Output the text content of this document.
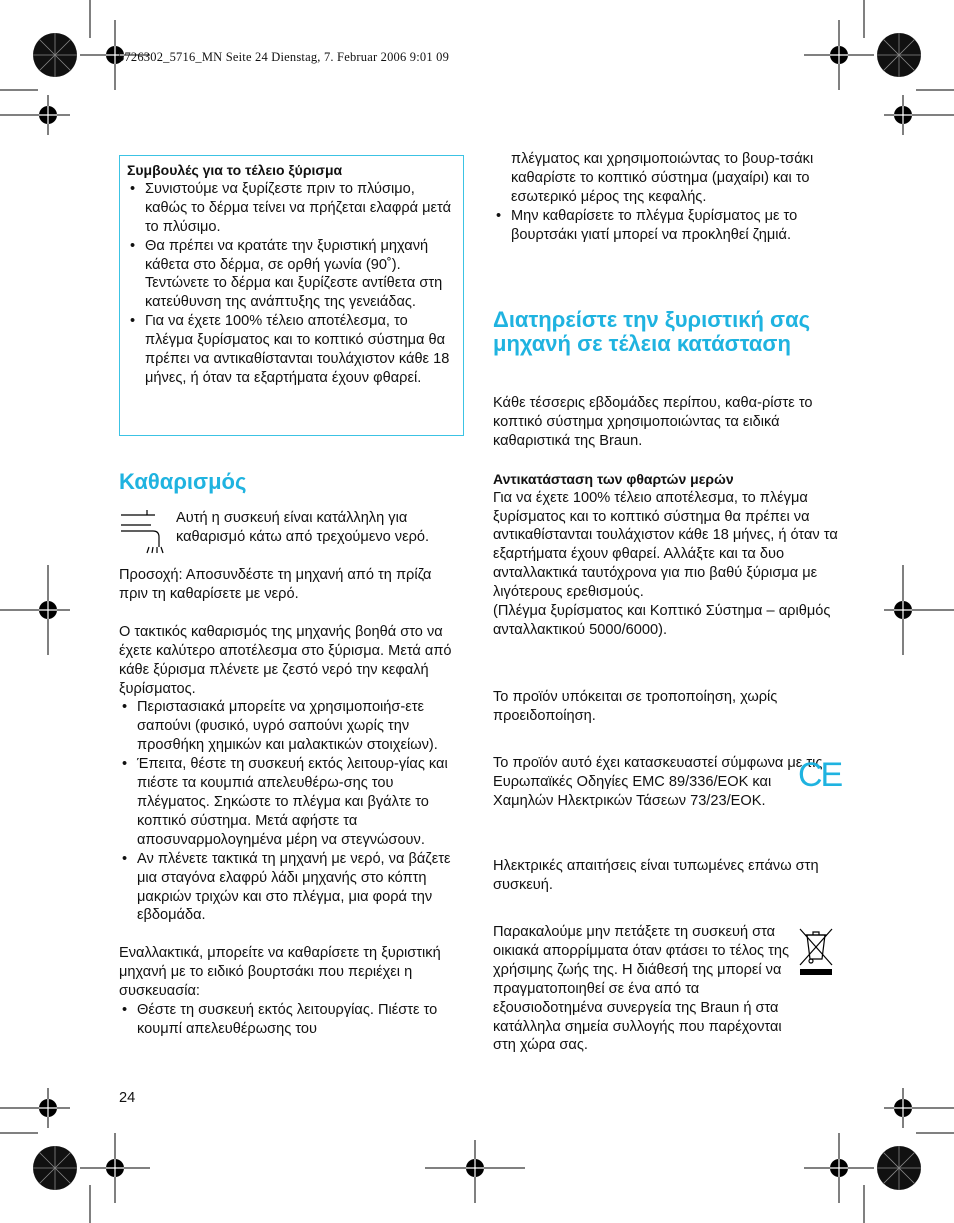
5726302_5716_MN Seite 24 Dienstag, 7. Februar 2006 9:01 09

Συμβουλές για το τέλειο ξύρισμα

• Συνιστούμε να ξυρίζεστε πριν το πλύσιμο, καθώς το δέρμα τείνει να πρήζεται ελαφρά μετά το πλύσιμο.
• Θα πρέπει να κρατάτε την ξυριστική μηχανή κάθετα στο δέρμα, σε ορθή γωνία (90˚). Τεντώνετε το δέρμα και ξυρίζεστε αντίθετα στη κατεύθυνση της ανάπτυξης της γενειάδας.
• Για να έχετε 100% τέλειο αποτέλεσμα, το πλέγμα ξυρίσματος και το κοπτικό σύστημα θα πρέπει να αντικαθίστανται τουλάχιστον κάθε 18 μήνες, ή όταν τα εξαρτήματα έχουν φθαρεί.
Καθαρισμός
Αυτή η συσκευή είναι κατάλληλη για καθαρισμό κάτω από τρεχούμενο νερό.

Προσοχή: Αποσυνδέστε τη μηχανή από τη πρίζα πριν τη καθαρίσετε με νερό.

Ο τακτικός καθαρισμός της μηχανής βοηθά στο να έχετε καλύτερο αποτέλεσμα στο ξύρισμα. Μετά από κάθε ξύρισμα πλένετε με ζεστό νερό την κεφαλή ξυρίσματος.

• Περιστασιακά μπορείτε να χρησιμοποιήσ-ετε σαπούνι (φυσικό, υγρό σαπούνι χωρίς την προσθήκη χημικών και μαλακτικών στοιχείων).
• Έπειτα, θέστε τη συσκευή εκτός λειτουρ-γίας και πιέστε τα κουμπιά απελευθέρω-σης του πλέγματος. Σηκώστε το πλέγμα και βγάλτε το κοπτικό σύστημα. Μετά αφήστε τα αποσυναρμολογημένα μέρη να στεγνώσουν.
• Αν πλένετε τακτικά τη μηχανή με νερό, να βάζετε μια σταγόνα ελαφρύ λάδι μηχανής στο κόπτη μακριών τριχών και στο πλέγμα, μια φορά την εβδομάδα.

Εναλλακτικά, μπορείτε να καθαρίσετε τη ξυριστική μηχανή με το ειδικό βουρτσάκι που περιέχει η συσκευασία:

• Θέστε τη συσκευή εκτός λειτουργίας. Πιέστε το κουμπί απελευθέρωσης του
24

πλέγματος και χρησιμοποιώντας το βουρ-τσάκι καθαρίστε το κοπτικό σύστημα (μαχαίρι) και το εσωτερικό μέρος της κεφαλής.

• Μην καθαρίσετε το πλέγμα ξυρίσματος με το βουρτσάκι γιατί μπορεί να προκληθεί ζημιά.
Διατηρείστε την ξυριστική σας μηχανή σε τέλεια κατάσταση

Κάθε τέσσερις εβδομάδες περίπου, καθα-ρίστε το κοπτικό σύστημα χρησιμοποιώντας τα ειδικά καθαριστικά της Braun.

Αντικατάσταση των φθαρτών μερών

Για να έχετε 100% τέλειο αποτέλεσμα, το πλέγμα ξυρίσματος και το κοπτικό σύστημα θα πρέπει να αντικαθίστανται τουλάχιστον κάθε 18 μήνες, ή όταν τα εξαρτήματα έχουν φθαρεί. Αλλάξτε και τα δυο ανταλλακτικά ταυτόχρονα για πιο βαθύ ξύρισμα με λιγότερους ερεθισμούς.

(Πλέγμα ξυρίσματος και Κοπτικό Σύστημα – αριθμός ανταλλακτικού 5000/6000).

Το προϊόν υπόκειται σε τροποποίηση, χωρίς προειδοποίηση.
Το προϊόν αυτό έχει κατασκευαστεί σύμφωνα με τις Ευρωπαϊκές Οδηγίες EMC 89/336/ΕΟΚ και Χαμηλών Ηλεκτρικών Τάσεων 73/23/ΕΟΚ.
CE
Ηλεκτρικές απαιτήσεις είναι τυπωμένες επάνω στη συσκευή.
Παρακαλούμε μην πετάξετε τη συσκευή στα οικιακά απορρίμματα όταν φτάσει το τέλος της χρήσιμης ζωής της. Η διάθεσή της μπορεί να πραγματοποιηθεί σε ένα από τα εξουσιοδοτημένα συνεργεία της Braun ή στα κατάλληλα σημεία συλλογής που παρέχονται στη χώρα σας.
